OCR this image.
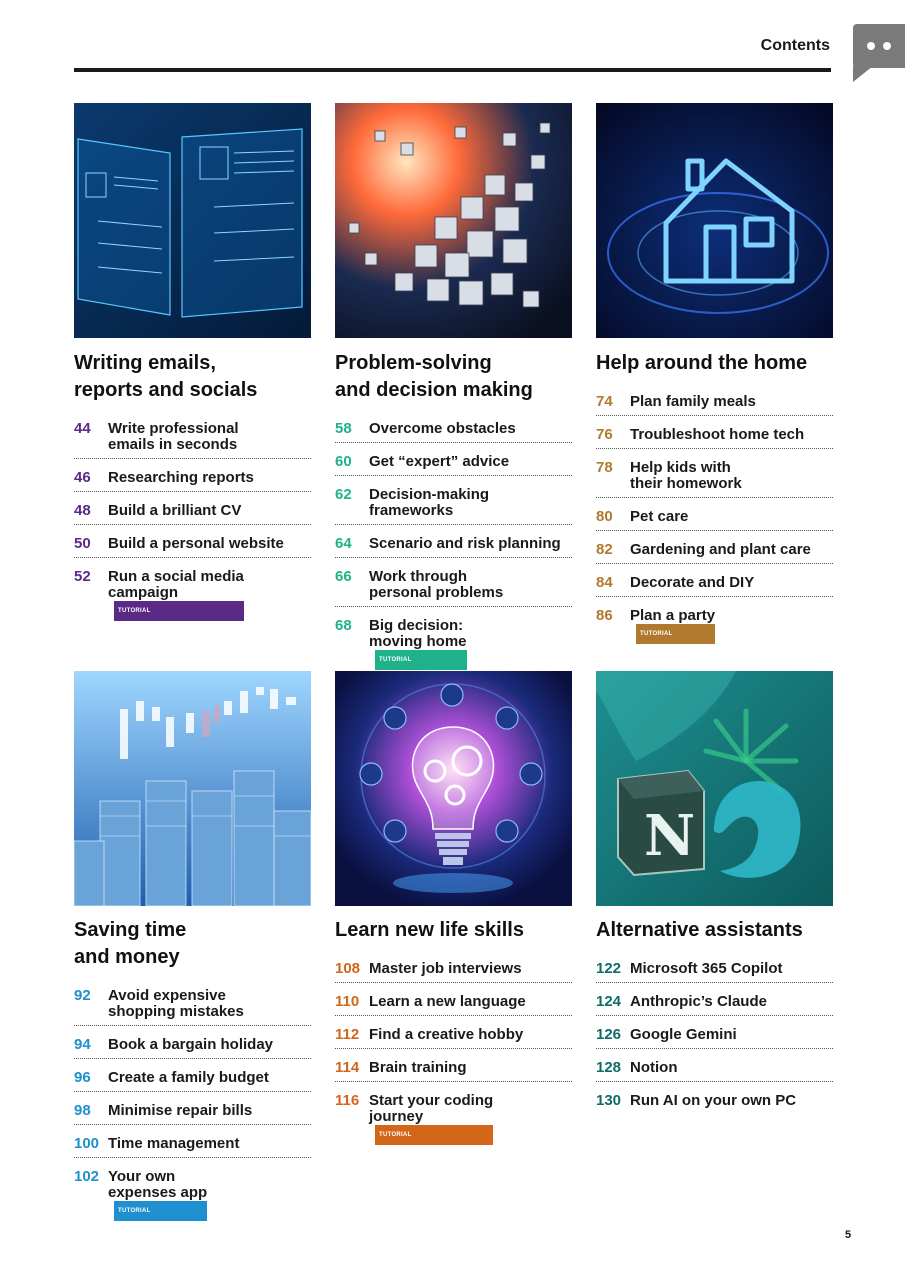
Contents
Writing emails,
reports and socials
44	Write professional
emails in seconds
46	Researching reports
48	Build a brilliant CV
50	Build a personal website
52	Run a social media
campaign
TUTORIAL
Problem-solving
and decision making
58	Overcome obstacles
60	Get “expert” advice
62	Decision-making
frameworks
64	Scenario and risk planning
66	Work through
personal problems
68	Big decision:
moving home
TUTORIAL
Help around the home
74	Plan family meals
76	Troubleshoot home tech
78	Help kids with
their homework
80	Pet care
82	Gardening and plant care
84	Decorate and DIY
86	Plan a party
TUTORIAL
Saving time
and money
92	Avoid expensive
shopping mistakes
94	Book a bargain holiday
96	Create a family budget
98	Minimise repair bills
100 Time management
102 Your own
expenses app
TUTORIAL
Learn new life skills
108 Master job interviews
110 Learn a new language
112 Find a creative hobby
114 Brain training
116 Start your coding
journey
TUTORIAL
N
Alternative assistants
122 Microsoft 365 Copilot
124 Anthropic’s Claude
126 Google Gemini
128 Notion
130 Run AI on your own PC
5
